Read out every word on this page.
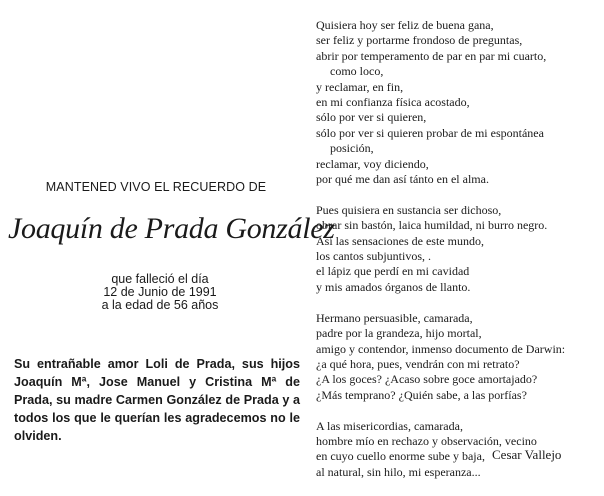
MANTENED VIVO EL RECUERDO DE
Joaquín de Prada González
que falleció el día
12 de Junio de 1991
a la edad de 56 años
Su entrañable amor Loli de Prada, sus hijos Joaquín Mª, Jose Manuel y Cristina Mª de Prada, su madre Carmen González de Prada y a todos los que le querían les agradecemos no le olviden.
Quisiera hoy ser feliz de buena gana,
ser feliz y portarme frondoso de preguntas,
abrir por temperamento de par en par mi cuarto,
como loco,
y reclamar, en fin,
en mi confianza física acostado,
sólo por ver si quieren,
sólo por ver si quieren probar de mi espontánea
posición,
reclamar, voy diciendo,
por qué me dan así tánto en el alma.
Pues quisiera en sustancia ser dichoso,
obrar sin bastón, laica humildad, ni burro negro.
Así las sensaciones de este mundo,
los cantos subjuntivos, .
el lápiz que perdí en mi cavidad
y mis amados órganos de llanto.
Hermano persuasible, camarada,
padre por la grandeza, hijo mortal,
amigo y contendor, inmenso documento de Darwin:
¿a qué hora, pues, vendrán con mi retrato?
¿A los goces? ¿Acaso sobre goce amortajado?
¿Más temprano? ¿Quién sabe, a las porfías?
A las misericordias, camarada,
hombre mío en rechazo y observación, vecino
en cuyo cuello enorme sube y baja,
al natural, sin hilo, mi esperanza...
Cesar Vallejo
